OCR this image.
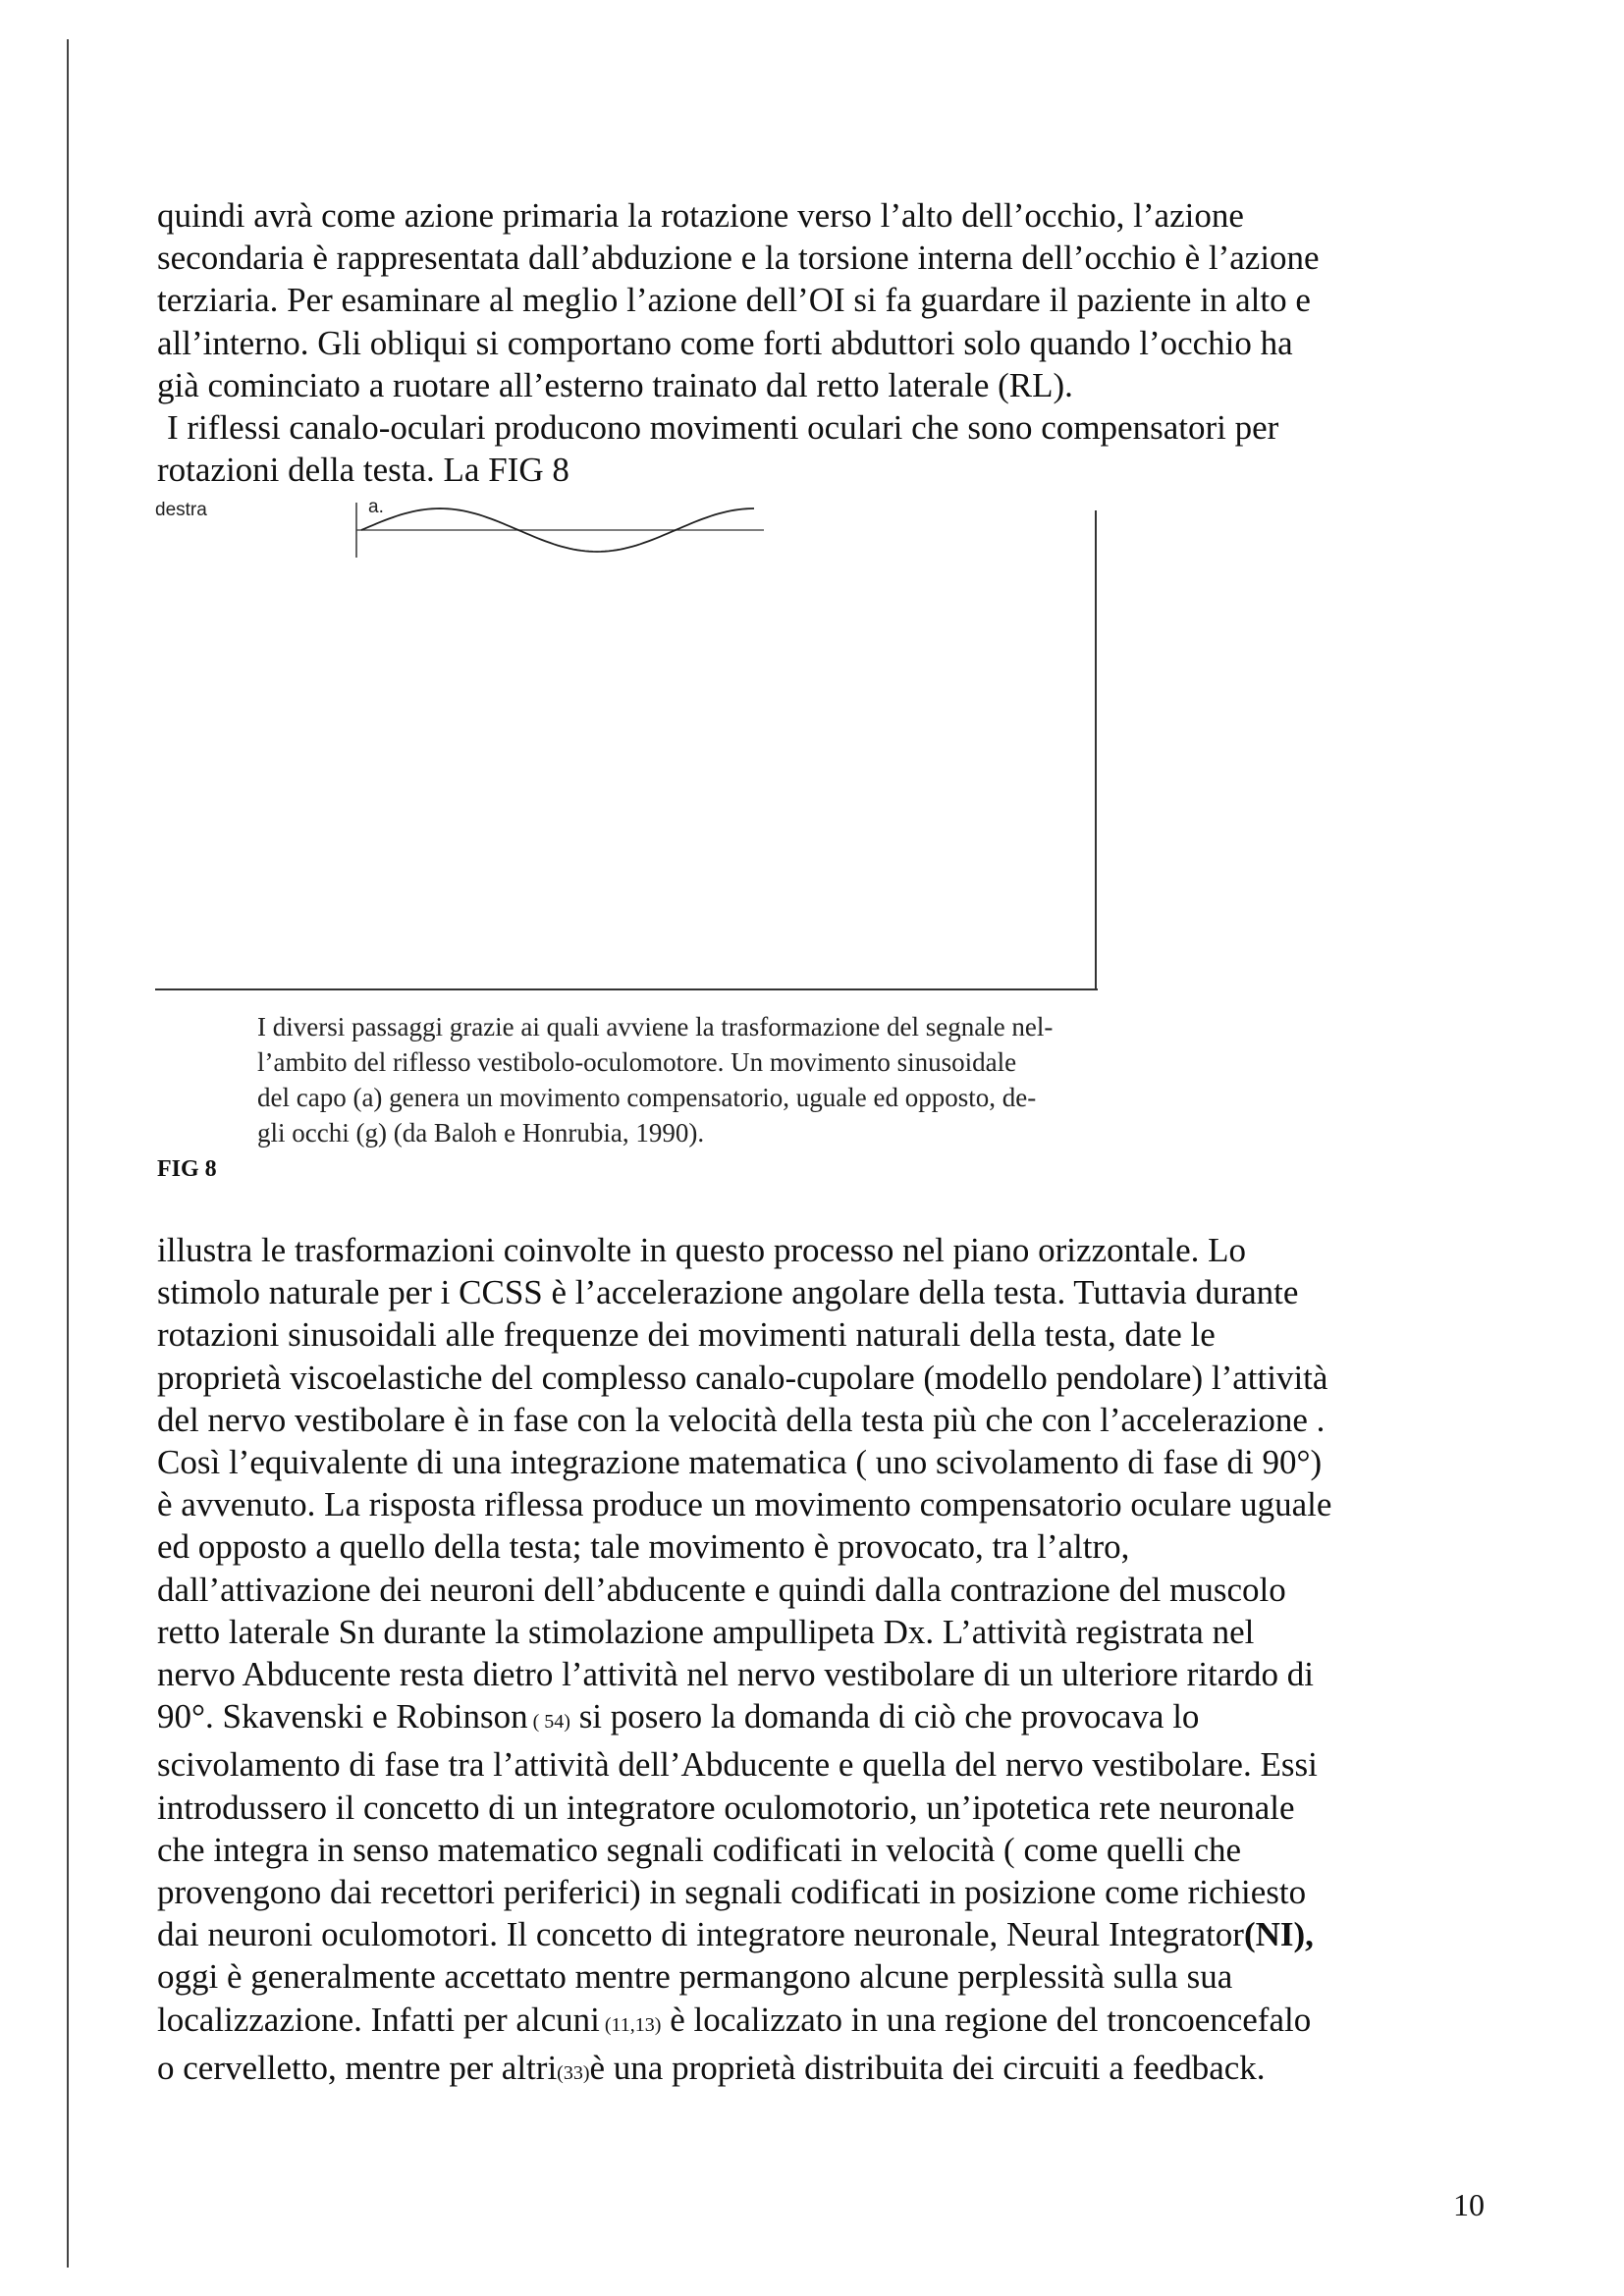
quindi avrà come azione primaria la rotazione verso l’alto dell’occhio, l’azione
secondaria è rappresentata dall’abduzione e la torsione interna dell’occhio è l’azione
terziaria. Per esaminare al meglio l’azione dell’OI si fa guardare il paziente in alto e
all’interno. Gli obliqui si comportano come forti abduttori solo quando l’occhio ha
già cominciato a ruotare all’esterno trainato dal retto laterale (RL).
I riflessi canalo-oculari producono movimenti oculari che sono compensatori per
rotazioni della testa. La FIG 8
a.
destra
I diversi passaggi grazie ai quali avviene la trasformazione del segnale nel-
l’ambito del riflesso vestibolo-oculomotore. Un movimento sinusoidale
del capo (a) genera un movimento compensatorio, uguale ed opposto, de-
gli occhi (g) (da Baloh e Honrubia, 1990).
FIG 8
illustra le trasformazioni coinvolte in questo processo nel piano orizzontale. Lo
stimolo naturale per i CCSS è l’accelerazione angolare della testa. Tuttavia durante
rotazioni sinusoidali alle frequenze dei movimenti naturali della testa, date le
proprietà viscoelastiche del complesso canalo-cupolare (modello pendolare) l’attività
del nervo vestibolare è in fase con la velocità della testa più che con l’accelerazione .
Così l’equivalente di una integrazione matematica ( uno scivolamento di fase di 90°)
è avvenuto. La risposta riflessa produce un movimento compensatorio oculare uguale
ed opposto a quello della testa; tale movimento è provocato, tra l’altro,
dall’attivazione dei neuroni dell’abducente e quindi dalla contrazione del muscolo
retto laterale Sn durante la stimolazione ampullipeta Dx. L’attività registrata nel
nervo Abducente resta dietro l’attività nel nervo vestibolare di un ulteriore ritardo di
90°. Skavenski e Robinson ( 54) si posero la domanda di ciò che provocava lo
scivolamento di fase tra l’attività dell’Abducente e quella del nervo vestibolare. Essi
introdussero il concetto di un integratore oculomotorio, un’ipotetica rete neuronale
che integra in senso matematico segnali codificati in velocità ( come quelli che
provengono dai recettori periferici) in segnali codificati in posizione come richiesto
dai neuroni oculomotori. Il concetto di integratore neuronale, Neural Integrator(NI),
oggi è generalmente accettato mentre permangono alcune perplessità sulla sua
localizzazione. Infatti per alcuni (11,13) è localizzato in una regione del troncoencefalo
o cervelletto, mentre per altri(33)è una proprietà distribuita dei circuiti a feedback.
10
